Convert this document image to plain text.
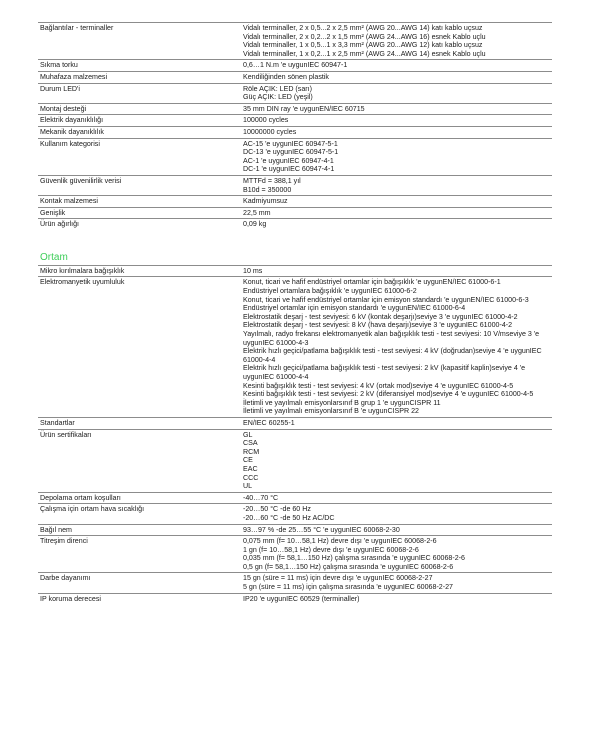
Bağlantılar - terminaller	Vidalı terminaller, 2 x 0,5...2 x 2,5 mm² (AWG 20...AWG 14) katı kablo uçsuz
Vidalı terminaller, 2 x 0,2...2 x 1,5 mm² (AWG 24...AWG 16) esnek Kablo uçlu
Vidalı terminaller, 1 x 0,5...1 x 3,3 mm² (AWG 20...AWG 12) katı kablo uçsuz
Vidalı terminaller, 1 x 0,2...1 x 2,5 mm² (AWG 24...AWG 14) esnek Kablo uçlu
Sıkma torku	0,6…1 N.m 'e uygunIEC 60947-1
Muhafaza malzemesi	Kendiliğinden sönen plastik
Durum LED'i	Röle AÇIK: LED (sarı)
Güç AÇIK: LED (yeşil)
Montaj desteği	35 mm DIN ray 'e uygunEN/IEC 60715
Elektrik dayanıklılığı	100000 cycles
Mekanik dayanıklılık	10000000 cycles
Kullanım kategorisi	AC-15 'e uygunIEC 60947-5-1
DC-13 'e uygunIEC 60947-5-1
AC-1 'e uygunIEC 60947-4-1
DC-1 'e uygunIEC 60947-4-1
Güvenlik güvenilirlik verisi	MTTFd = 388,1 yıl
B10d = 350000
Kontak malzemesi	Kadmiyumsuz
Genişlik	22,5 mm
Ürün ağırlığı	0,09 kg
Ortam
Mikro kırılmalara bağışıklık	10 ms
Elektromanyetik uyumluluk	Konut, ticari ve hafif endüstriyel ortamlar için bağışıklık 'e uygunEN/IEC 61000-6-1
Endüstriyel ortamlara bağışıklık 'e uygunIEC 61000-6-2
Konut, ticari ve hafif endüstriyel ortamlar için emisyon standardı 'e uygunEN/IEC 61000-6-3
Endüstriyel ortamlar için emisyon standardı 'e uygunEN/IEC 61000-6-4
Elektrostatik deşarj - test seviyesi: 6 kV (kontak deşarjı)seviye 3 'e uygunIEC 61000-4-2
Elektrostatik deşarj - test seviyesi: 8 kV (hava deşarjı)seviye 3 'e uygunIEC 61000-4-2
Yayılmalı, radyo frekansı elektromanyetik alan bağışıklık testi - test seviyesi: 10 V/mseviye 3 'e uygunIEC 61000-4-3
Elektrik hızlı geçici/patlama bağışıklık testi - test seviyesi: 4 kV (doğrudan)seviye 4 'e uygunIEC 61000-4-4
Elektrik hızlı geçici/patlama bağışıklık testi - test seviyesi: 2 kV (kapasitif kaplin)seviye 4 'e uygunIEC 61000-4-4
Kesinti bağışıklık testi - test seviyesi: 4 kV (ortak mod)seviye 4 'e uygunIEC 61000-4-5
Kesinti bağışıklık testi - test seviyesi: 2 kV (diferansiyel mod)seviye 4 'e uygunIEC 61000-4-5
İletimli ve yayılmalı emisyonlarsınıf B grup 1 'e uygunCISPR 11
İletimli ve yayılmalı emisyonlarsınıf B 'e uygunCISPR 22
Standartlar	EN/IEC 60255-1
Ürün sertifikaları	GL
CSA
RCM
CE
EAC
CCC
UL
Depolama ortam koşulları	-40…70 °C
Çalışma için ortam hava sıcaklığı	-20…50 °C -de 60 Hz
-20…60 °C -de 50 Hz AC/DC
Bağıl nem	93…97 % -de 25…55 °C 'e uygunIEC 60068-2-30
Titreşim direnci	0,075 mm (f= 10…58,1 Hz) devre dışı 'e uygunIEC 60068-2-6
1 gn (f= 10…58,1 Hz) devre dışı 'e uygunIEC 60068-2-6
0,035 mm (f= 58,1…150 Hz) çalışma sırasında 'e uygunIEC 60068-2-6
0,5 gn (f= 58,1…150 Hz) çalışma sırasında 'e uygunIEC 60068-2-6
Darbe dayanımı	15 gn (süre = 11 ms) için devre dışı 'e uygunIEC 60068-2-27
5 gn (süre = 11 ms) için çalışma sırasında 'e uygunIEC 60068-2-27
IP koruma derecesi	IP20 'e uygunIEC 60529 (terminaller)
